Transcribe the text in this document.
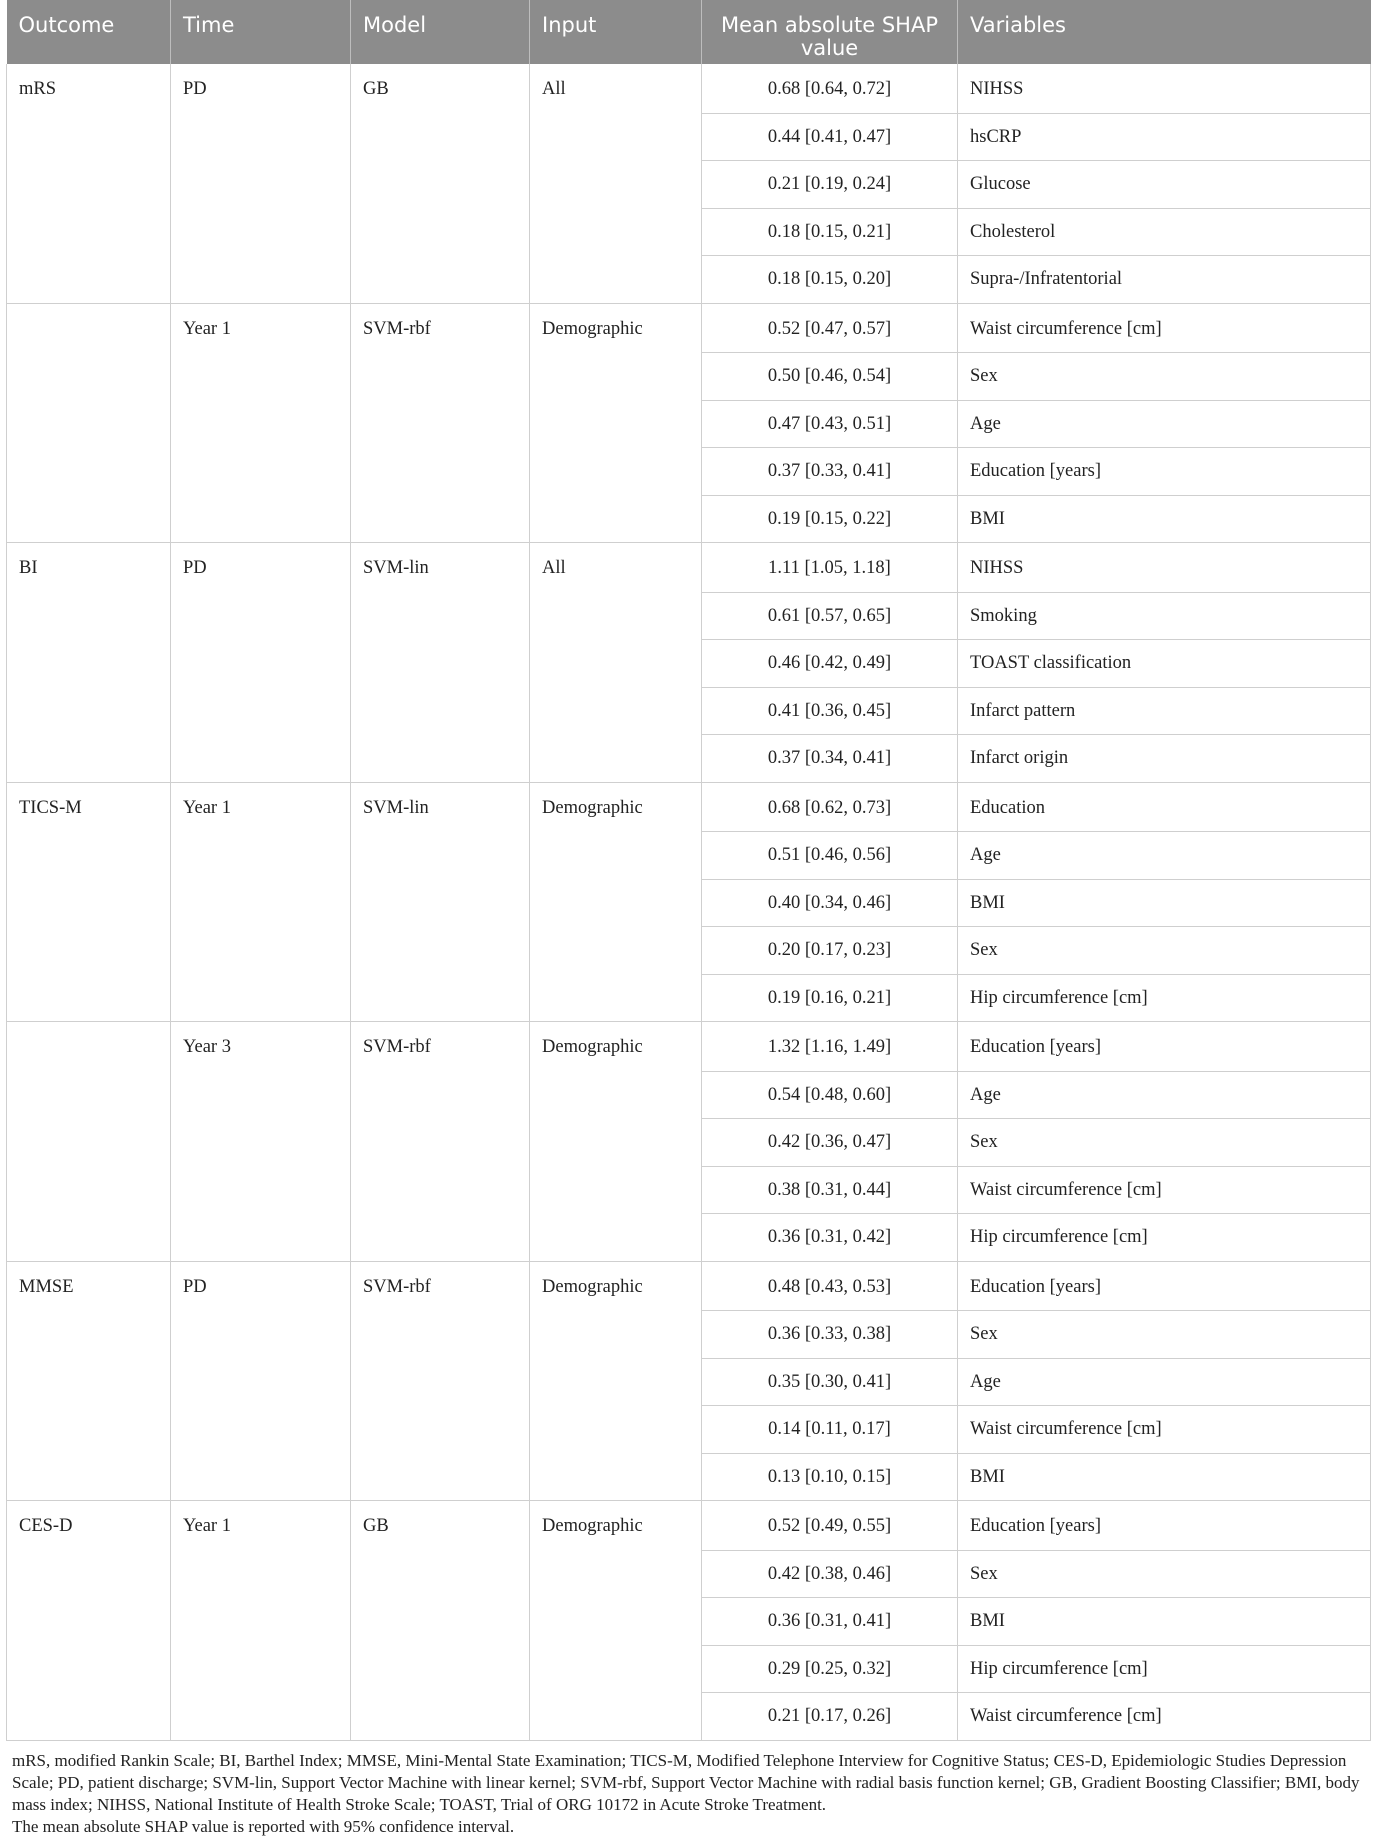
Outcome	Time	Model	Input	Mean absolute SHAP value	Variables
mRS	PD	GB	All	0.68 [0.64, 0.72]	NIHSS
				0.44 [0.41, 0.47]	hsCRP
				0.21 [0.19, 0.24]	Glucose
				0.18 [0.15, 0.21]	Cholesterol
				0.18 [0.15, 0.20]	Supra-/Infratentorial
	Year 1	SVM-rbf	Demographic	0.52 [0.47, 0.57]	Waist circumference [cm]
				0.50 [0.46, 0.54]	Sex
				0.47 [0.43, 0.51]	Age
				0.37 [0.33, 0.41]	Education [years]
				0.19 [0.15, 0.22]	BMI
BI	PD	SVM-lin	All	1.11 [1.05, 1.18]	NIHSS
				0.61 [0.57, 0.65]	Smoking
				0.46 [0.42, 0.49]	TOAST classification
				0.41 [0.36, 0.45]	Infarct pattern
				0.37 [0.34, 0.41]	Infarct origin
TICS-M	Year 1	SVM-lin	Demographic	0.68 [0.62, 0.73]	Education
				0.51 [0.46, 0.56]	Age
				0.40 [0.34, 0.46]	BMI
				0.20 [0.17, 0.23]	Sex
				0.19 [0.16, 0.21]	Hip circumference [cm]
	Year 3	SVM-rbf	Demographic	1.32 [1.16, 1.49]	Education [years]
				0.54 [0.48, 0.60]	Age
				0.42 [0.36, 0.47]	Sex
				0.38 [0.31, 0.44]	Waist circumference [cm]
				0.36 [0.31, 0.42]	Hip circumference [cm]
MMSE	PD	SVM-rbf	Demographic	0.48 [0.43, 0.53]	Education [years]
				0.36 [0.33, 0.38]	Sex
				0.35 [0.30, 0.41]	Age
				0.14 [0.11, 0.17]	Waist circumference [cm]
				0.13 [0.10, 0.15]	BMI
CES-D	Year 1	GB	Demographic	0.52 [0.49, 0.55]	Education [years]
				0.42 [0.38, 0.46]	Sex
				0.36 [0.31, 0.41]	BMI
				0.29 [0.25, 0.32]	Hip circumference [cm]
				0.21 [0.17, 0.26]	Waist circumference [cm]

mRS, modified Rankin Scale; BI, Barthel Index; MMSE, Mini-Mental State Examination; TICS-M, Modified Telephone Interview for Cognitive Status; CES-D, Epidemiologic Studies Depression Scale; PD, patient discharge; SVM-lin, Support Vector Machine with linear kernel; SVM-rbf, Support Vector Machine with radial basis function kernel; GB, Gradient Boosting Classifier; BMI, body mass index; NIHSS, National Institute of Health Stroke Scale; TOAST, Trial of ORG 10172 in Acute Stroke Treatment.

The mean absolute SHAP value is reported with 95% confidence interval.
